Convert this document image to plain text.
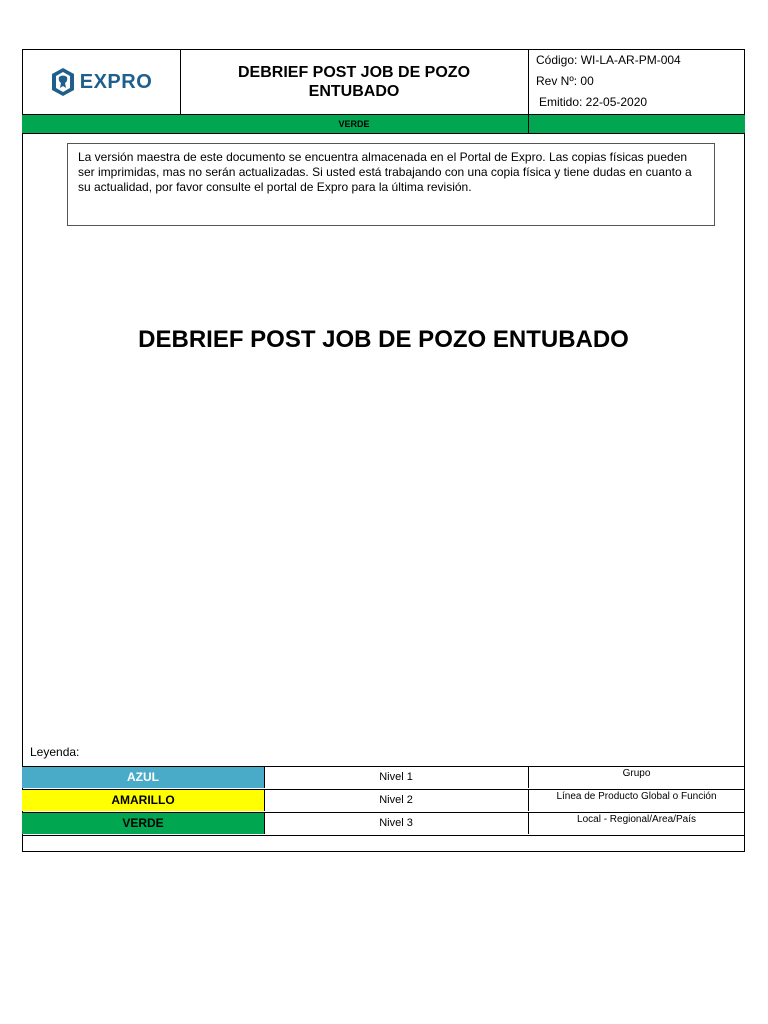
EXPRO	DEBRIEF POST JOB DE POZO
ENTUBADO
Código: WI-LA-AR-PM-004
Rev Nº: 00
Emitido: 22-05-2020
VERDE
La versión maestra de este documento se encuentra almacenada en el Portal de Expro. Las copias físicas pueden ser imprimidas, mas no serán actualizadas. Si usted está trabajando con una copia física y tiene dudas en cuanto a su actualidad, por favor consulte el portal de Expro para la última revisión.
DEBRIEF POST JOB DE POZO ENTUBADO
Leyenda:
AZUL	Nivel 1	Grupo
AMARILLO	Nivel 2	Línea de Producto Global o Función
VERDE	Nivel 3	Local - Regional/Area/País
